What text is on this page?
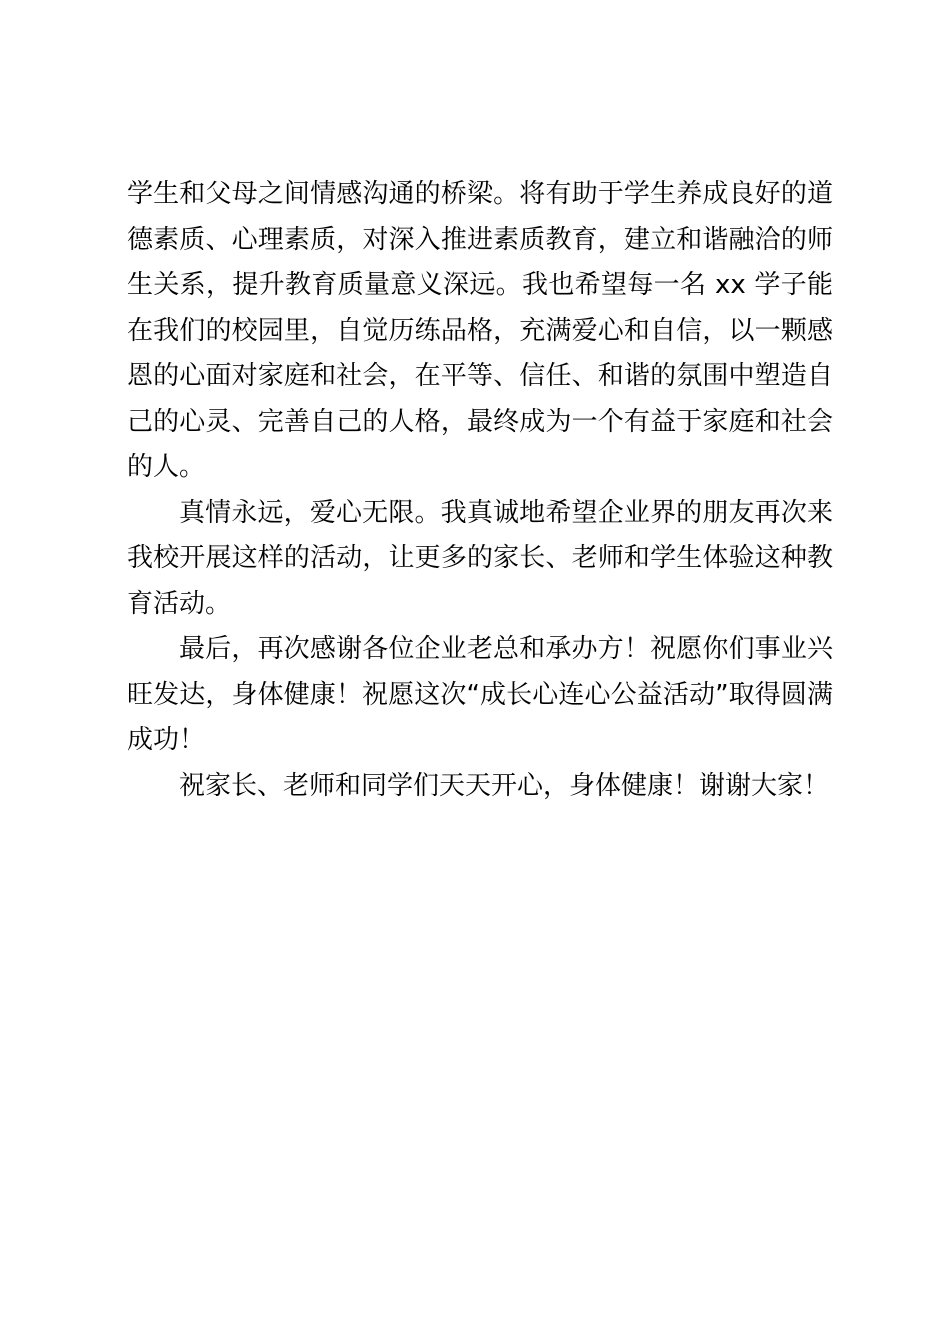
学生和父母之间情感沟通的桥梁。将有助于学生养成良好的道德素质、心理素质，对深入推进素质教育，建立和谐融洽的师生关系，提升教育质量意义深远。我也希望每一名 xx 学子能在我们的校园里，自觉历练品格，充满爱心和自信，以一颗感恩的心面对家庭和社会，在平等、信任、和谐的氛围中塑造自己的心灵、完善自己的人格，最终成为一个有益于家庭和社会的人。

真情永远，爱心无限。我真诚地希望企业界的朋友再次来我校开展这样的活动，让更多的家长、老师和学生体验这种教育活动。

最后，再次感谢各位企业老总和承办方！祝愿你们事业兴旺发达，身体健康！祝愿这次“成长心连心公益活动”取得圆满成功！

祝家长、老师和同学们天天开心，身体健康！谢谢大家！
